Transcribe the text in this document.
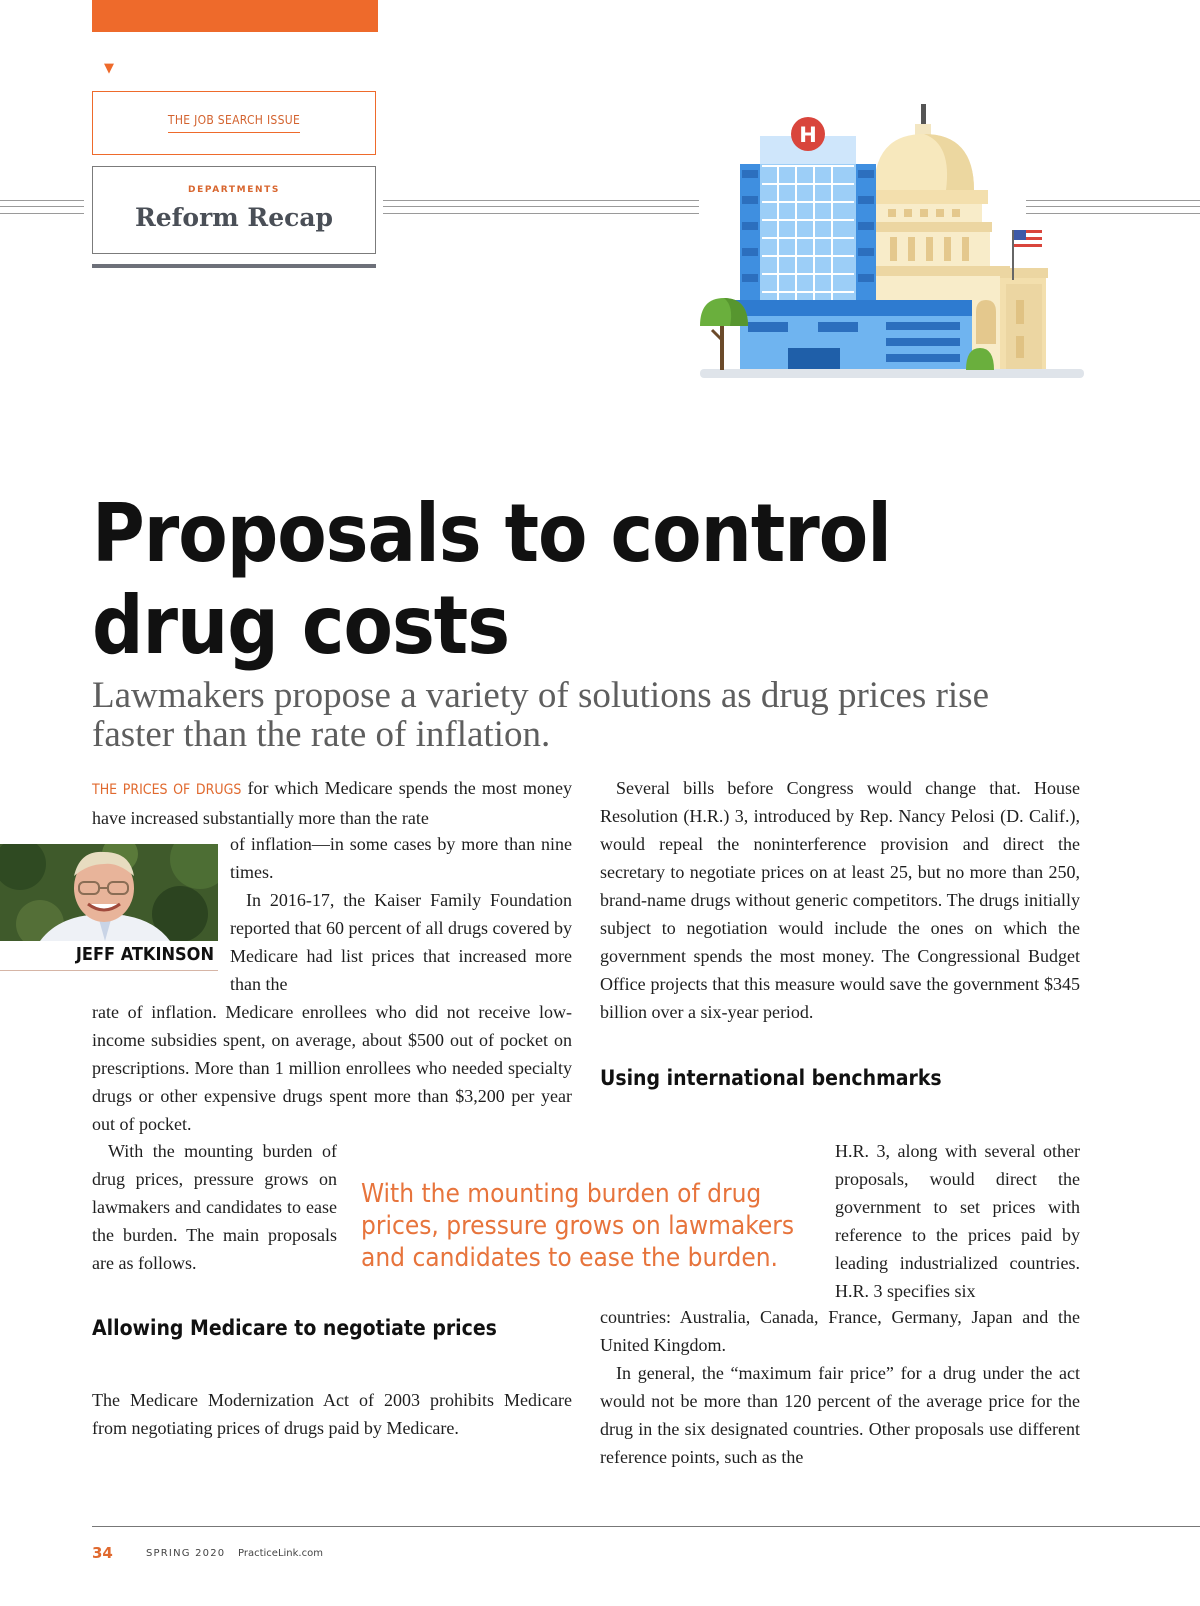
▼
THE JOB SEARCH ISSUE
DEPARTMENTS
Reform Recap
H
Proposals to control
drug costs
Lawmakers propose a variety of solutions as drug prices rise faster than the rate of inflation.
JEFF ATKINSON

THE PRICES OF DRUGS for which Medicare spends the most money have increased substantially more than the rate

of inflation—in some cases by more than nine times.

In 2016-17, the Kaiser Family Foundation reported that 60 percent of all drugs covered by Medicare had list prices that increased more than the

rate of inflation. Medicare enrollees who did not receive low-income subsidies spent, on average, about $500 out of pocket on prescriptions. More than 1 million enrollees who needed specialty drugs or other expensive drugs spent more than $3,200 per year out of pocket.

With the mounting burden of drug prices, pressure grows on lawmakers and candidates to ease the burden. The main proposals are as follows.

Allowing Medicare to negotiate prices

The Medicare Modernization Act of 2003 prohibits Medicare from negotiating prices of drugs paid by Medicare.

Several bills before Congress would change that. House Resolution (H.R.) 3, introduced by Rep. Nancy Pelosi (D. Calif.), would repeal the noninterference provision and direct the secretary to negotiate prices on at least 25, but no more than 250, brand-name drugs without generic competitors. The drugs initially subject to negotiation would include the ones on which the government spends the most money. The Congressional Budget Office projects that this measure would save the government $345 billion over a six-year period.

Using international benchmarks

H.R. 3, along with several other proposals, would direct the government to set prices with reference to the prices paid by leading industrialized countries. H.R. 3 specifies six

countries: Australia, Canada, France, Germany, Japan and the United Kingdom.

In general, the “maximum fair price” for a drug under the act would not be more than 120 percent of the average price for the drug in the six designated countries. Other proposals use different reference points, such as the

With the mounting burden of drug prices, pressure grows on lawmakers and candidates to ease the burden.
34	SPRING 2020 PracticeLink.com
